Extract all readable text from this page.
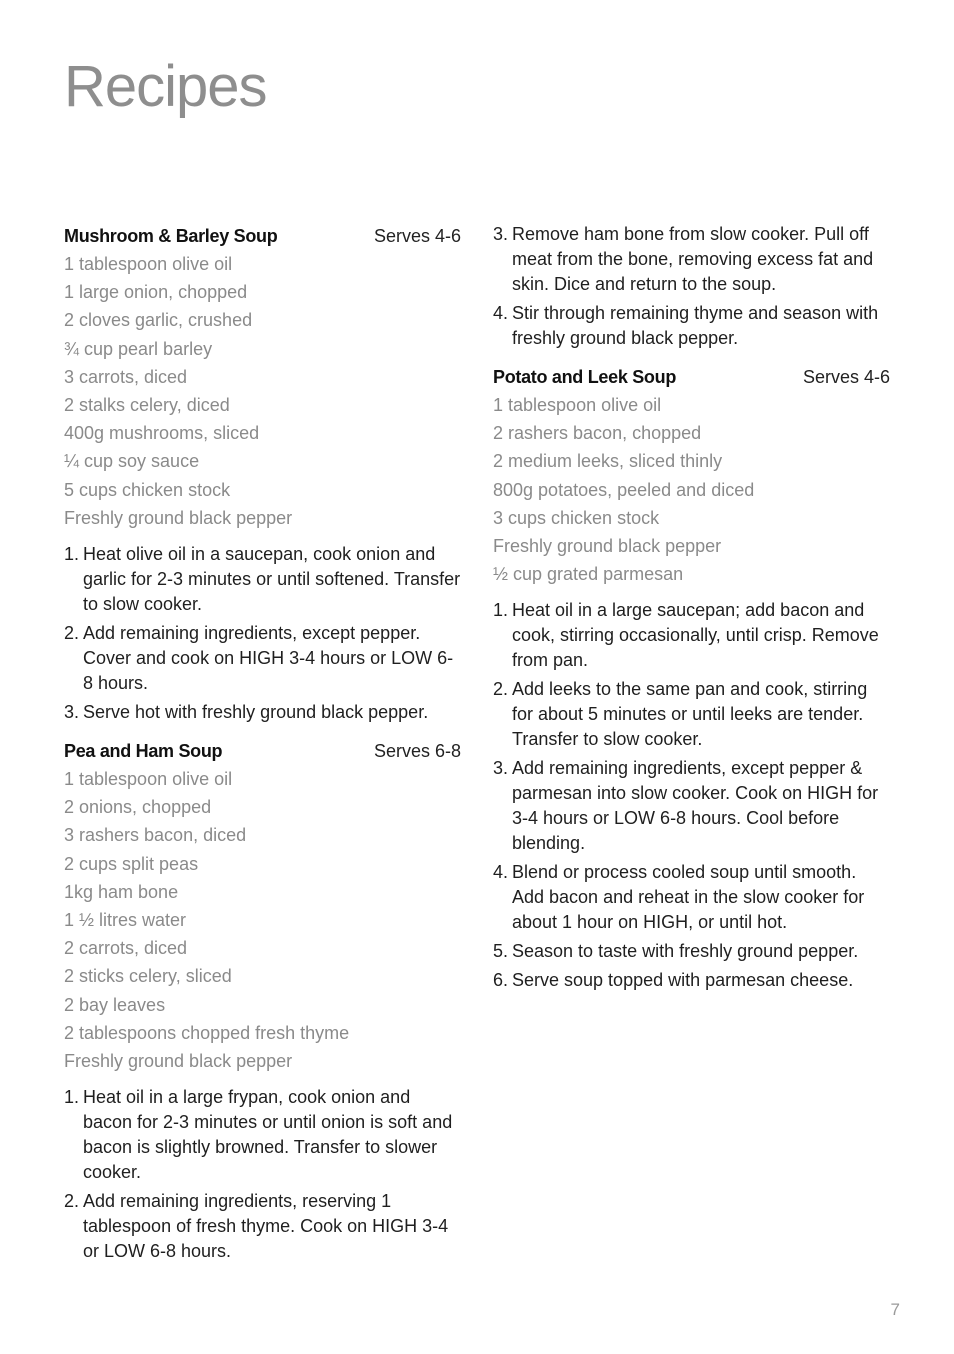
Recipes
Mushroom & Barley Soup	Serves 4-6
1 tablespoon olive oil
1 large onion, chopped
2 cloves garlic, crushed
¾ cup pearl barley
3 carrots, diced
2 stalks celery, diced
400g mushrooms, sliced
¼ cup soy sauce
5 cups chicken stock
Freshly ground black pepper
1. Heat olive oil in a saucepan, cook onion and garlic for 2-3 minutes or until softened. Transfer to slow cooker.
2. Add remaining ingredients, except pepper. Cover and cook on HIGH 3-4 hours or LOW 6-8 hours.
3. Serve hot with freshly ground black pepper.
Pea and Ham Soup	Serves 6-8
1 tablespoon olive oil
2 onions, chopped
3 rashers bacon, diced
2 cups split peas
1kg ham bone
1 ½ litres water
2 carrots, diced
2 sticks celery, sliced
2 bay leaves
2 tablespoons chopped fresh thyme
Freshly ground black pepper
1. Heat oil in a large frypan, cook onion and bacon for 2-3 minutes or until onion is soft and bacon is slightly browned. Transfer to slower cooker.
2. Add remaining ingredients, reserving 1 tablespoon of fresh thyme. Cook on HIGH 3-4 or LOW 6-8 hours.
3. Remove ham bone from slow cooker. Pull off meat from the bone, removing excess fat and skin. Dice and return to the soup.
4. Stir through remaining thyme and season with freshly ground black pepper.
Potato and Leek Soup	Serves 4-6
1 tablespoon olive oil
2 rashers bacon, chopped
2 medium leeks, sliced thinly
800g potatoes, peeled and diced
3 cups chicken stock
Freshly ground black pepper
½ cup grated parmesan
1. Heat oil in a large saucepan; add bacon and cook, stirring occasionally, until crisp. Remove from pan.
2. Add leeks to the same pan and cook, stirring for about 5 minutes or until leeks are tender. Transfer to slow cooker.
3. Add remaining ingredients, except pepper & parmesan into slow cooker. Cook on HIGH for 3-4 hours or LOW 6-8 hours. Cool before blending.
4. Blend or process cooled soup until smooth. Add bacon and reheat in the slow cooker for about 1 hour on HIGH, or until hot.
5. Season to taste with freshly ground pepper.
6. Serve soup topped with parmesan cheese.
7
